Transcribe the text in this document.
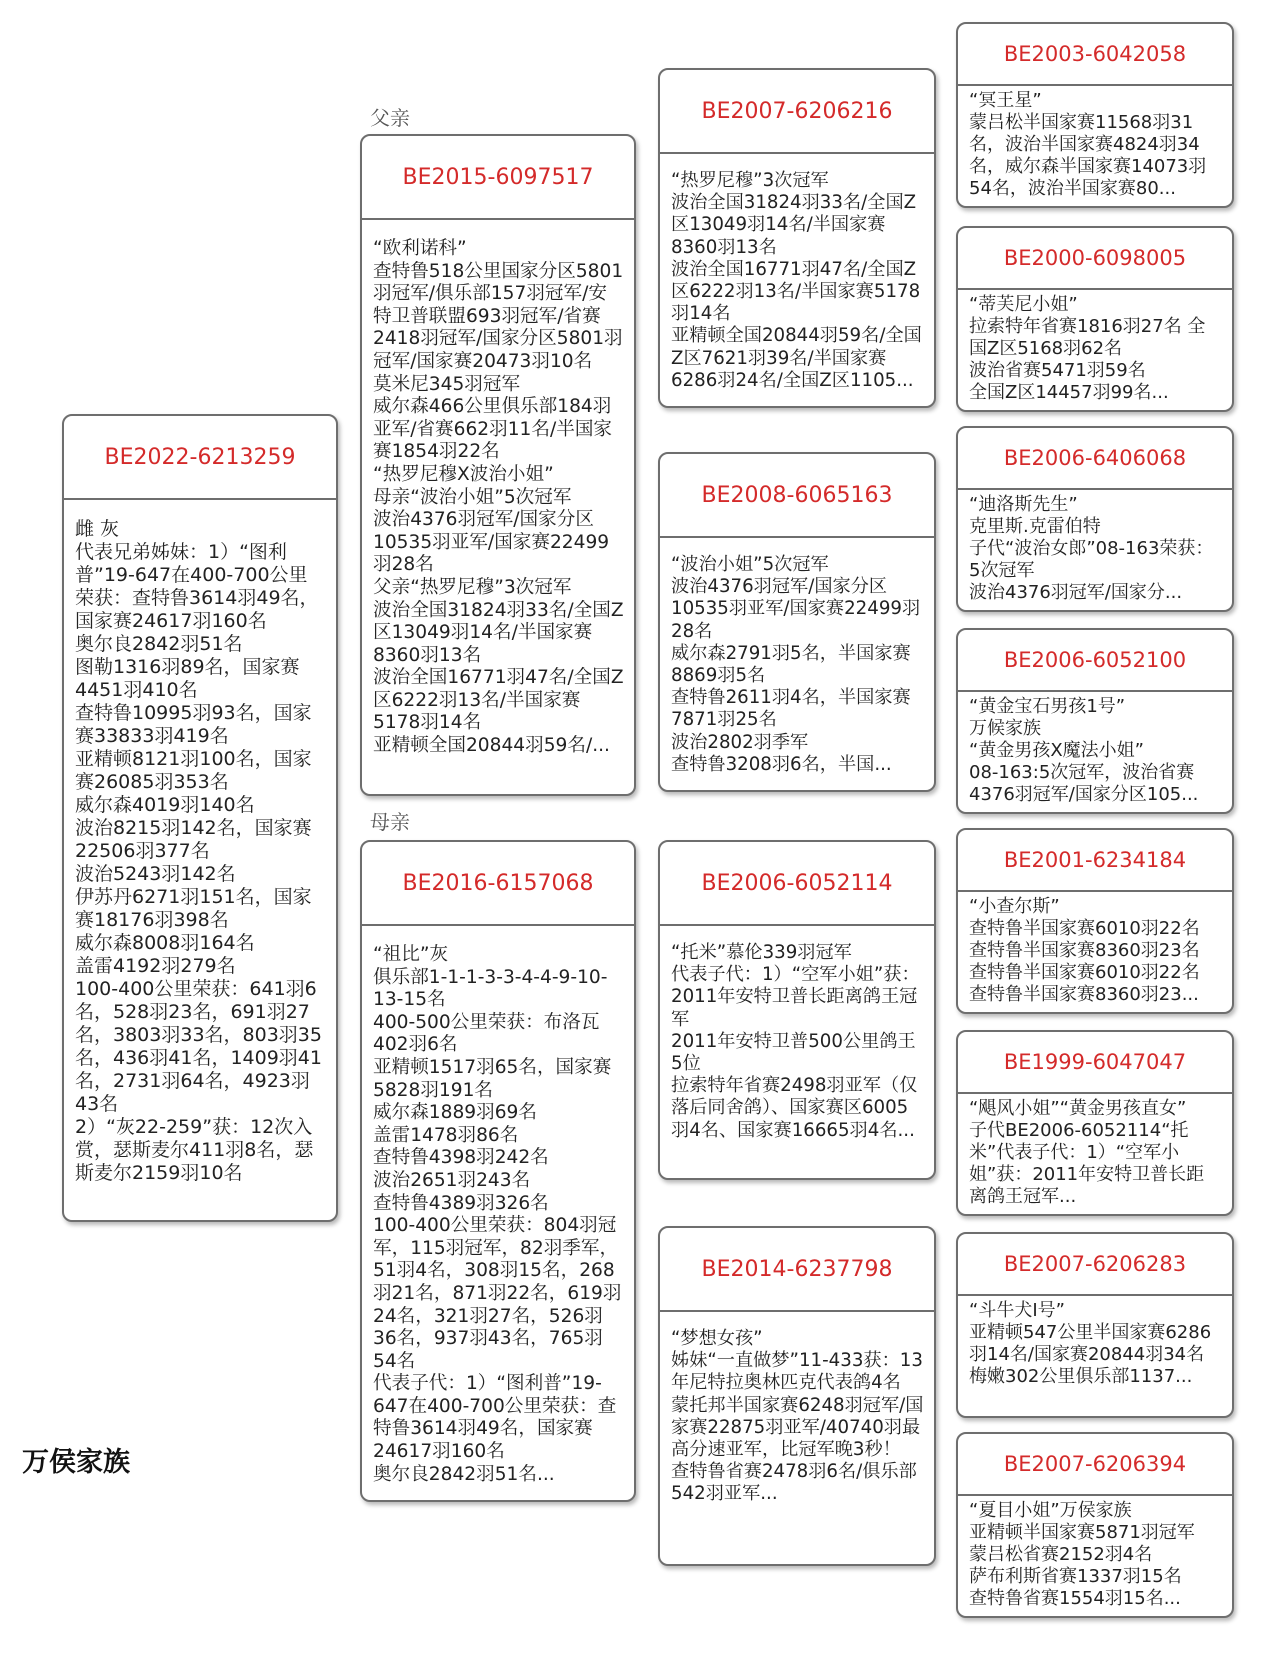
父亲
母亲
万侯家族
BE2022-6213259
雌 灰
代表兄弟姊妹：1）“图利普”19-647在400-700公里荣获：查特鲁3614羽49名，国家赛24617羽160名
奥尔良2842羽51名
图勒1316羽89名，国家赛4451羽410名
查特鲁10995羽93名，国家赛33833羽419名
亚精顿8121羽100名，国家赛26085羽353名
威尔森4019羽140名
波治8215羽142名，国家赛22506羽377名
波治5243羽142名
伊苏丹6271羽151名，国家赛18176羽398名
威尔森8008羽164名
盖雷4192羽279名
100-400公里荣获：641羽6名，528羽23名，691羽27名，3803羽33名，803羽35名，436羽41名，1409羽41名，2731羽64名，4923羽43名
2）“灰22-259”获：12次入赏，瑟斯麦尔411羽8名，瑟斯麦尔2159羽10名
BE2015-6097517
“欧利诺科”
查特鲁518公里国家分区5801羽冠军/俱乐部157羽冠军/安特卫普联盟693羽冠军/省赛2418羽冠军/国家分区5801羽冠军/国家赛20473羽10名
莫米尼345羽冠军
威尔森466公里俱乐部184羽亚军/省赛662羽11名/半国家赛1854羽22名
“热罗尼穆X波治小姐”
母亲“波治小姐”5次冠军
波治4376羽冠军/国家分区10535羽亚军/国家赛22499羽28名
父亲“热罗尼穆”3次冠军
波治全国31824羽33名/全国Z区13049羽14名/半国家赛8360羽13名
波治全国16771羽47名/全国Z区6222羽13名/半国家赛5178羽14名
亚精顿全国20844羽59名/...
BE2016-6157068
“祖比”灰
俱乐部1-1-1-3-3-4-4-9-10-13-15名
400-500公里荣获：布洛瓦402羽6名
亚精顿1517羽65名，国家赛5828羽191名
威尔森1889羽69名
盖雷1478羽86名
查特鲁4398羽242名
波治2651羽243名
查特鲁4389羽326名
100-400公里荣获：804羽冠军，115羽冠军，82羽季军，51羽4名，308羽15名，268羽21名，871羽22名，619羽24名，321羽27名，526羽36名，937羽43名，765羽54名
代表子代：1）“图利普”19-647在400-700公里荣获：查特鲁3614羽49名，国家赛24617羽160名
奥尔良2842羽51名...
BE2007-6206216
“热罗尼穆”3次冠军
波治全国31824羽33名/全国Z区13049羽14名/半国家赛8360羽13名
波治全国16771羽47名/全国Z区6222羽13名/半国家赛5178羽14名
亚精顿全国20844羽59名/全国Z区7621羽39名/半国家赛6286羽24名/全国Z区1105...
BE2008-6065163
“波治小姐”5次冠军
波治4376羽冠军/国家分区10535羽亚军/国家赛22499羽28名
威尔森2791羽5名，半国家赛8869羽5名
查特鲁2611羽4名，半国家赛7871羽25名
波治2802羽季军
查特鲁3208羽6名，半国...
BE2006-6052114
“托米”慕伦339羽冠军
代表子代：1）“空军小姐”获：2011年安特卫普长距离鸽王冠军
2011年安特卫普500公里鸽王5位
拉索特年省赛2498羽亚军（仅落后同舍鸽）、国家赛区6005羽4名、国家赛16665羽4名...
BE2014-6237798
“梦想女孩”
姊妹“一直做梦”11-433获：13年尼特拉奥林匹克代表鸽4名
蒙托邦半国家赛6248羽冠军/国家赛22875羽亚军/40740羽最高分速亚军，比冠军晚3秒！
查特鲁省赛2478羽6名/俱乐部542羽亚军...
BE2003-6042058
“冥王星”
蒙吕松半国家赛11568羽31名，波治半国家赛4824羽34名，威尔森半国家赛14073羽54名，波治半国家赛80...
BE2000-6098005
“蒂芙尼小姐”
拉索特年省赛1816羽27名 全国Z区5168羽62名
波治省赛5471羽59名
全国Z区14457羽99名...
BE2006-6406068
“迪洛斯先生”
克里斯.克雷伯特
子代“波治女郎”08-163荣获：5次冠军
波治4376羽冠军/国家分...
BE2006-6052100
“黄金宝石男孩1号”
万候家族
“黄金男孩X魔法小姐”
08-163:5次冠军，波治省赛4376羽冠军/国家分区105...
BE2001-6234184
“小查尔斯”
查特鲁半国家赛6010羽22名
查特鲁半国家赛8360羽23名
查特鲁半国家赛6010羽22名
查特鲁半国家赛8360羽23...
BE1999-6047047
“飓风小姐”“黄金男孩直女”
子代BE2006-6052114“托米”代表子代：1）“空军小姐”获：2011年安特卫普长距离鸽王冠军...
BE2007-6206283
“斗牛犬I号”
亚精顿547公里半国家赛6286羽14名/国家赛20844羽34名
梅嫩302公里俱乐部1137...
BE2007-6206394
“夏目小姐”万侯家族
亚精顿半国家赛5871羽冠军
蒙吕松省赛2152羽4名
萨布利斯省赛1337羽15名
查特鲁省赛1554羽15名...
